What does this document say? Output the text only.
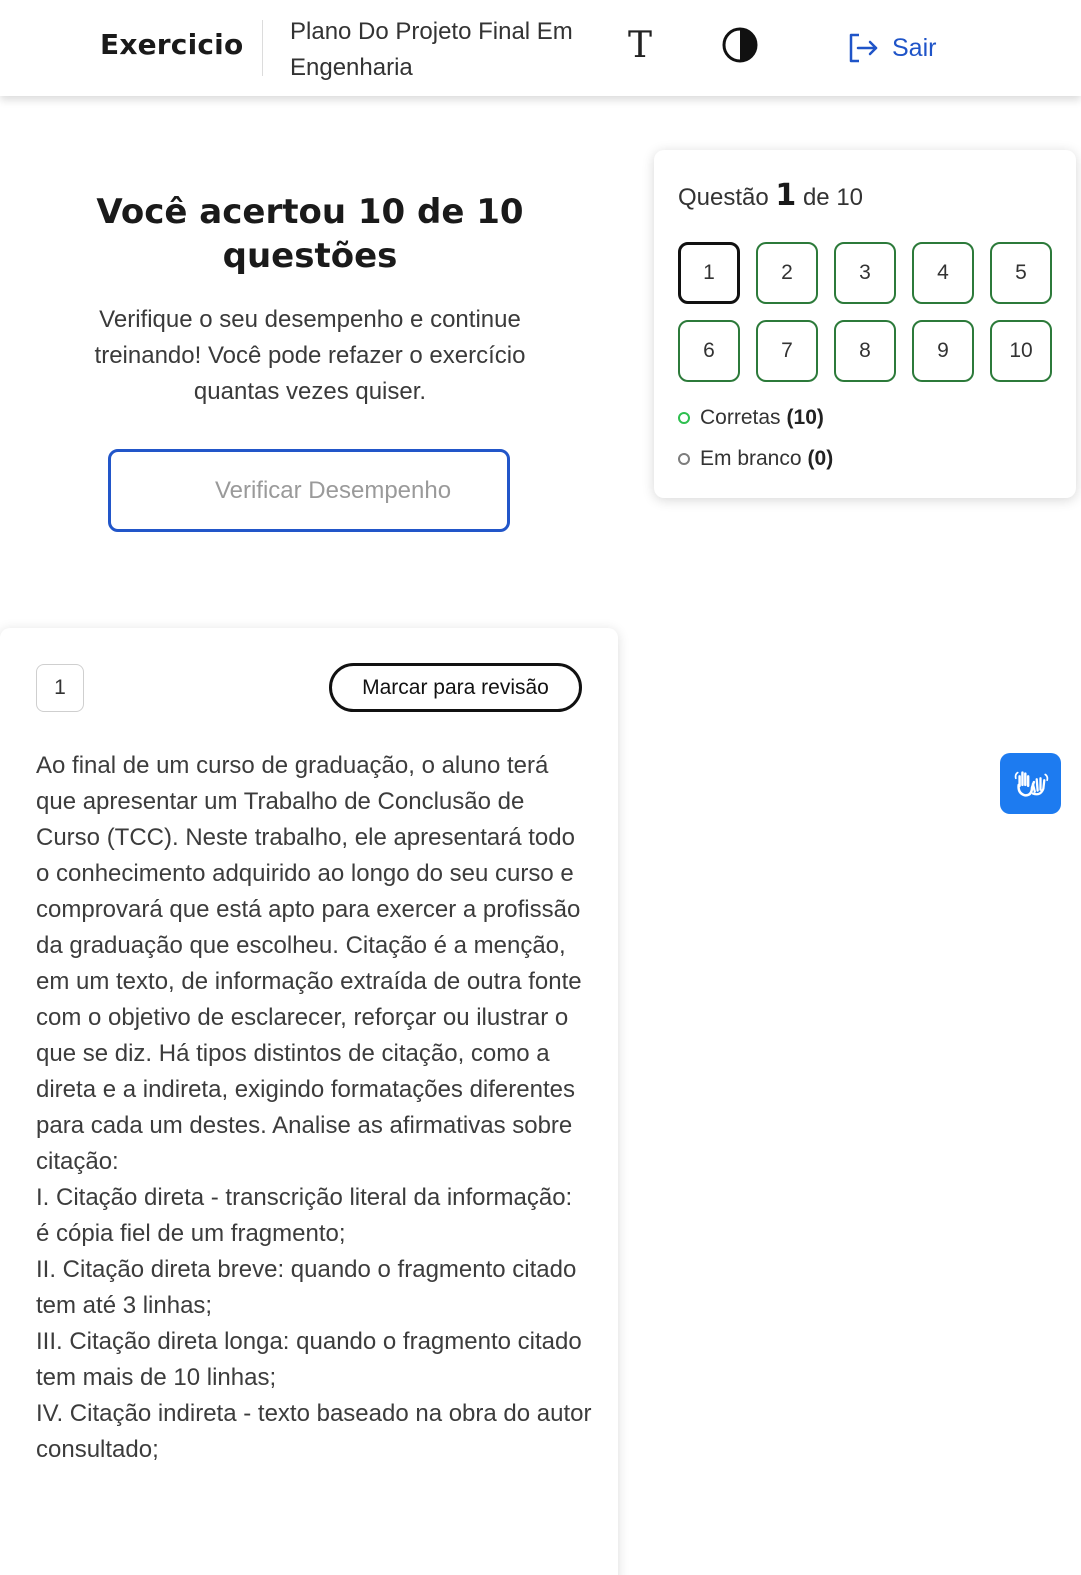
Exercicio Plano Do Projeto Final Em Engenharia
T	Sair
Você acertou 10 de 10 questões
Verifique o seu desempenho e continue treinando! Você pode refazer o exercício quantas vezes quiser.
Verificar Desempenho
Questão 1 de 10
1	2	3	4	5
6	7	8	9	10
Corretas (10)
Em branco (0)
1	Marcar para revisão

Ao final de um curso de graduação, o aluno terá que apresentar um Trabalho de Conclusão de Curso (TCC). Neste trabalho, ele apresentará todo o conhecimento adquirido ao longo do seu curso e comprovará que está apto para exercer a profissão da graduação que escolheu. Citação é a menção, em um texto, de informação extraída de outra fonte com o objetivo de esclarecer, reforçar ou ilustrar o que se diz. Há tipos distintos de citação, como a direta e a indireta, exigindo formatações diferentes para cada um destes. Analise as afirmativas sobre citação:

I. Citação direta - transcrição literal da informação: é cópia fiel de um fragmento;

II. Citação direta breve: quando o fragmento citado tem até 3 linhas;

III. Citação direta longa: quando o fragmento citado tem mais de 10 linhas;

IV. Citação indireta - texto baseado na obra do autor consultado;
